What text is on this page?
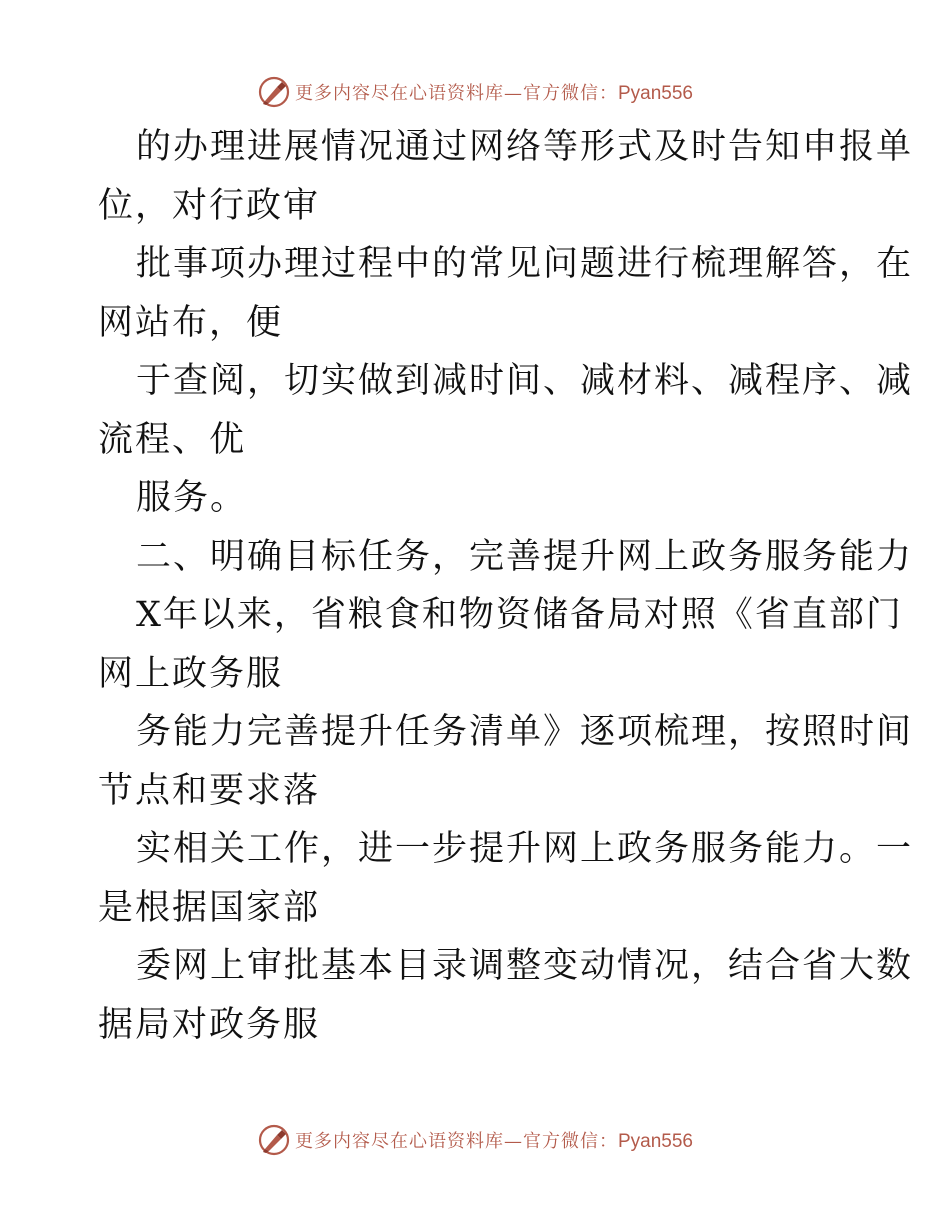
更多内容尽在心语资料库—官方微信：Pyan556
的办理进展情况通过网络等形式及时告知申报单
位，对行政审
批事项办理过程中的常见问题进行梳理解答，在
网站布，便
于查阅，切实做到减时间、减材料、减程序、减
流程、优
服务。
二、明确目标任务，完善提升网上政务服务能力
X年以来，省粮食和物资储备局对照《省直部门
网上政务服
务能力完善提升任务清单》逐项梳理，按照时间
节点和要求落
实相关工作，进一步提升网上政务服务能力。一
是根据国家部
委网上审批基本目录调整变动情况，结合省大数
据局对政务服
更多内容尽在心语资料库—官方微信：Pyan556
